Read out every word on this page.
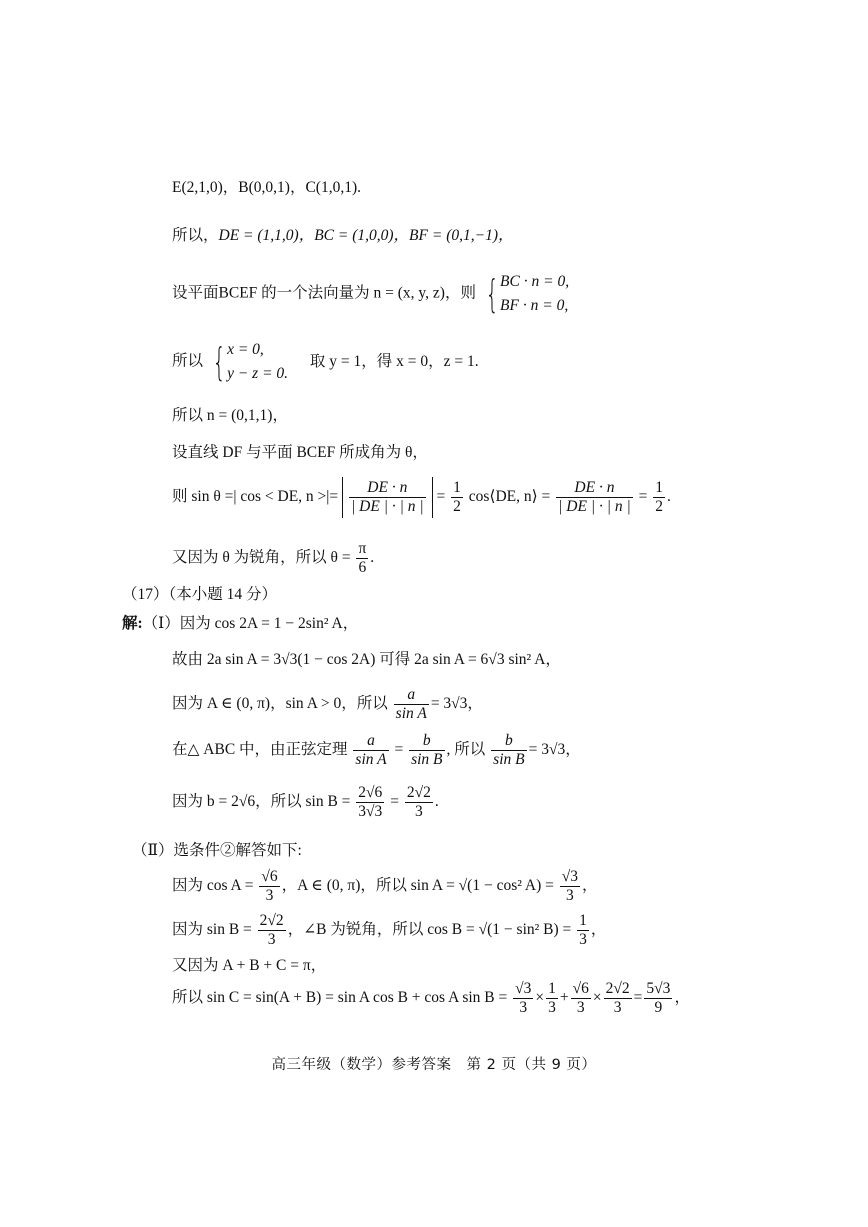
E(2,1,0)，B(0,0,1)，C(1,0,1).
所以，DE = (1,1,0)，BC = (1,0,0)，BF = (0,1,−1)，
设平面BCEF 的一个法向量为 n = (x, y, z)，则 { BC · n = 0,
BF · n = 0,
所以 { x = 0,
y − z = 0.
取 y = 1，得 x = 0，z = 1.
所以 n = (0,1,1)，
设直线 DF 与平面 BCEF 所成角为 θ，
则 sin θ =| cos < DE, n >|= $\frac{DE \cdot n}{| DE | \cdot | n |} = \frac{1}{2}$ cos⟨DE, n⟩ = $\frac{DE \cdot n}{| DE | \cdot | n |} = \frac{1}{2}$ .
又因为 θ 为锐角，所以 $\theta = \frac{\pi}{6}$ .
（17）（本小题 14 分）
解:（Ⅰ）因为 cos 2A = 1 − 2sin² A，
故由 2a sin A = 3√3(1 − cos 2A) 可得 2a sin A = 6√3 sin² A，
因为 A ∈ (0, π)，sin A > 0，所以 $\frac{a}{\text{sin A}} = 3√3$，
在△ ABC 中，由正弦定理 $\frac{a}{\text{sin A}} = \frac{b}{\text{sin B}}$ , 所以 $\frac{b}{\text{sin B}} = 3√3$，
因为 b = 2√6，所以 $\sin B = \frac{2√6}{3√3} = \frac{2√2}{3}$ .
（Ⅱ）选条件②解答如下:
因为 $\cos A = \frac{√6}{3}$ ，A ∈ (0, π)，所以 sin A = √(1 − cos² $A) = \frac{√3}{3}$ ，
因为 $\sin B = \frac{2√2}{3}$ ，∠B 为锐角，所以 cos B = √(1 − sin² $B) = \frac{1}{3}$ ，
又因为 A + B + C = π，
所以 sin C = sin(A + B) = sin A cos B + cos A $\sin B = \frac{√3}{3} \times \frac{1}{3} + \frac{√6}{3} \times \frac{2√2}{3} = \frac{5√3}{9}$ ，
高三年级（数学）参考答案　第 2 页（共 9 页）
